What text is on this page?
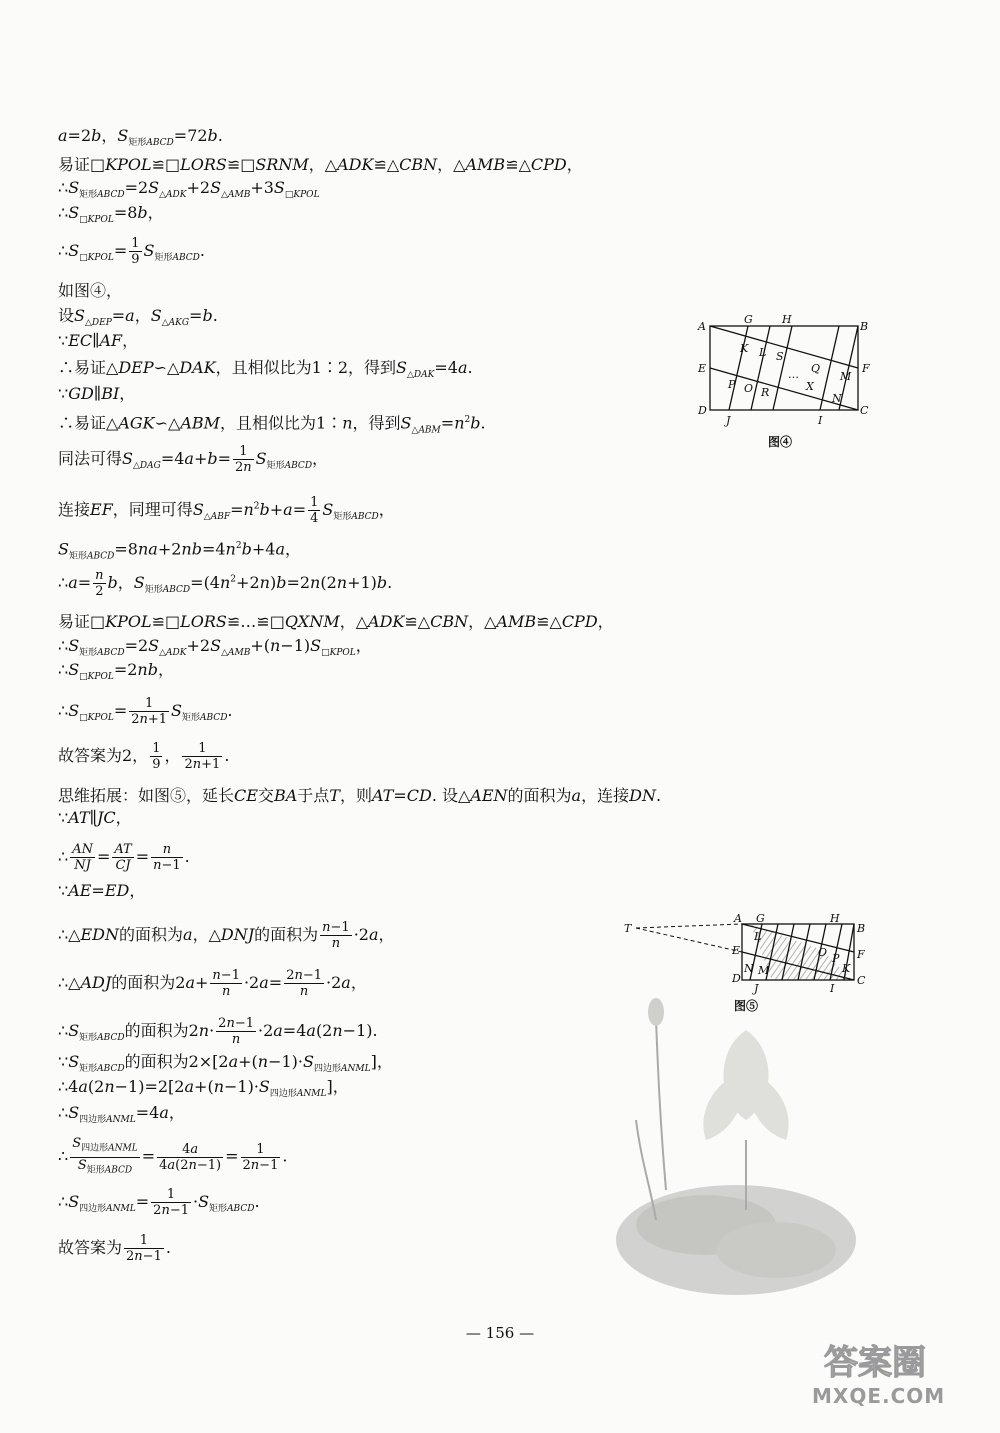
a=2b，$S_{矩形ABCD}=72b$.
易证□KPOL≌□LORS≌□SRNM，△ADK≌△CBN，△AMB≌△CPD，
$\therefore S_{矩形ABCD}=2S_{\triangle ADK}+2S_{\triangle AMB}+3S_{□KPOL}$
$\therefore S_{□KPOL}=8b$，
$\therefore S_{□KPOL}= \frac{1}{9} S_{矩形ABCD}$.
如图④，
设$S_{\triangle DEP}=a$，$S_{\triangle AKG}=b$.
∵EC∥AF，
∴易证△DEP∽△DAK，且相似比为1∶2，得到$S_{\triangle DAK}=4a$.
∵GD∥BI，
∴易证△AGK∽△ABM，且相似比为1∶n，得到$S_{\triangle ABM}=n^2b$.
同法可得$S_{\triangle DAG}=4a+b= \frac{1}{2n} S_{矩形ABCD}$，
连接EF，同理可得$S_{\triangle ABF}=n^2b+a= \frac{1}{4} S_{矩形ABCD}$，
$S_{矩形ABCD}=8na+2nb=4n^2b+4a$，
∴a= $\frac{n}{2}$ b，$S_{矩形ABCD}=(4n^2+2n)b=2n(2n+1)b$.
易证□KPOL≌□LORS≌…≌□QXNM，△ADK≌△CBN，△AMB≌△CPD，
$\therefore S_{矩形ABCD}=2S_{\triangle ADK}+2S_{\triangle AMB}+(n-1)S_{□KPOL}$，
$\therefore S_{□KPOL}=2nb$，
$\therefore S_{□KPOL}= \frac{1}{2n+1} S_{矩形ABCD}$.
故答案为2， $\frac{1}{9}$ ， $\frac{1}{2n+1}$ .
思维拓展：如图⑤，延长CE交BA于点T，则AT=CD. 设△AEN的面积为a，连接DN.
∵AT∥JC，
∴ $\frac{AN}{NJ} = \frac{AT}{CJ} = \frac{n}{n-1}$ .
∵AE=ED，
∴△EDN的面积为a，△DNJ的面积为 $\frac{n-1}{n} \cdot 2a$，
∴△ADJ的面积为$2a+ \frac{n-1}{n} \cdot 2a= \frac{2n-1}{n} \cdot 2a$，
$\therefore S_{矩形ABCD}$的面积为$2n\cdot \frac{2n-1}{n} \cdot 2a=4a(2n-1)$.
$\because S_{矩形ABCD}$的面积为$2\times[2a+(n-1)\cdot S_{四边形ANML}]$，
$\therefore 4a(2n-1)=2[2a+(n-1)\cdot S_{四边形ANML}]$，
$\therefore S_{四边形ANML}=4a$，
∴
$S_{四边形ANML}$
$S_{矩形ABCD}$
= $\frac{4a}{4a(2n-1)} = \frac{1}{2n-1}$ .
$\therefore S_{四边形ANML}= \frac{1}{2n-1} \cdot S_{矩形ABCD}$.
故答案为 $\frac{1}{2n-1}$ .
A
G	H
B
E	F
D
J	I
C
K L S
Q
M
P O R	X
N
…
图④
T
A G	H
B
E	F
D
J	I
C
L
N M
O P
K
图⑤
— 156 —
答案圈
MXQE.COM
